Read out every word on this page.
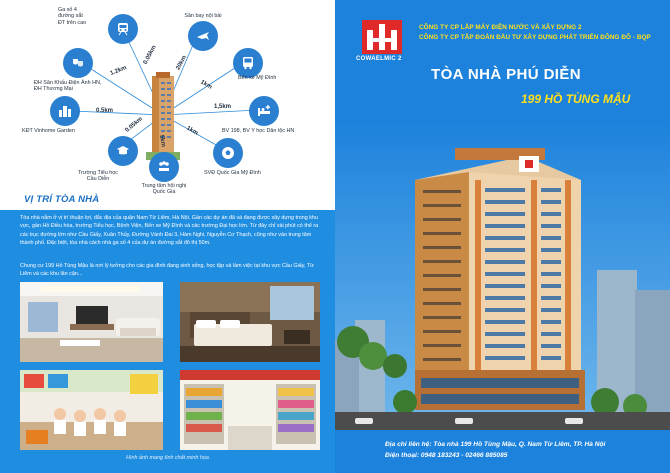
Ga số 4
đường sắt
ĐT trên cao
Sân bay nội bài
Bến xe Mỹ Đình
BV 198, BV Y học Dân tộc HN
SVĐ Quốc Gia Mỹ Đình
Trung tâm hội nghị
Quốc Gia
Trường Tiểu học
Cầu Diễn
KĐT Vinhome Garden
ĐH Sân Khấu Điện Ảnh HN,
ĐH Thương Mại
1.2km
0.05km	20km
1km
1,5km
1km
5km
0.05km
0.5km
VỊ TRÍ TÒA NHÀ
Tòa nhà nằm ở vị trí thuận lợi, đắc địa của quận Nam Từ Liêm, Hà Nội. Gần các dự án đã và đang được xây dựng trong khu vực, gần Hồ Điều hòa, trường Tiểu học, Bệnh Viện, Bến xe Mỹ Đình và các trường Đại học lớn. Từ đây chỉ vài phút có thể ra các trục đường lớn như Cầu Giấy, Xuân Thủy, Đường Vành Đai 3, Hàm Nghi, Nguyễn Cơ Thạch, cũng như vào trung tâm thành phố. Đặc biệt, tòa nhà cách nhà ga số 4 của dự án đường sắt đô thị 50m.
Chung cư 199 Hồ Tùng Mậu là nơi lý tưởng cho các gia đình đang sinh sống, học tập và làm việc tại khu vực Cầu Giấy, Từ Liêm và các khu lân cận...
Hình ảnh mang tính chất minh họa
COWAELMIC 2
CÔNG TY CP LẮP MÁY ĐIỆN NƯỚC VÀ XÂY DỰNG 2
CÔNG TY CP TẬP ĐOÀN ĐẦU TƯ XÂY DỰNG PHÁT TRIỂN ĐÔNG ĐÔ - BQP
TÒA NHÀ PHÚ DIỄN
199 HỒ TÙNG MẬU
Địa chỉ liên hệ: Tòa nhà 199 Hồ Tùng Mậu, Q. Nam Từ Liêm, TP. Hà Nội
Điện thoại: 0948 183243 - 02466 885085
